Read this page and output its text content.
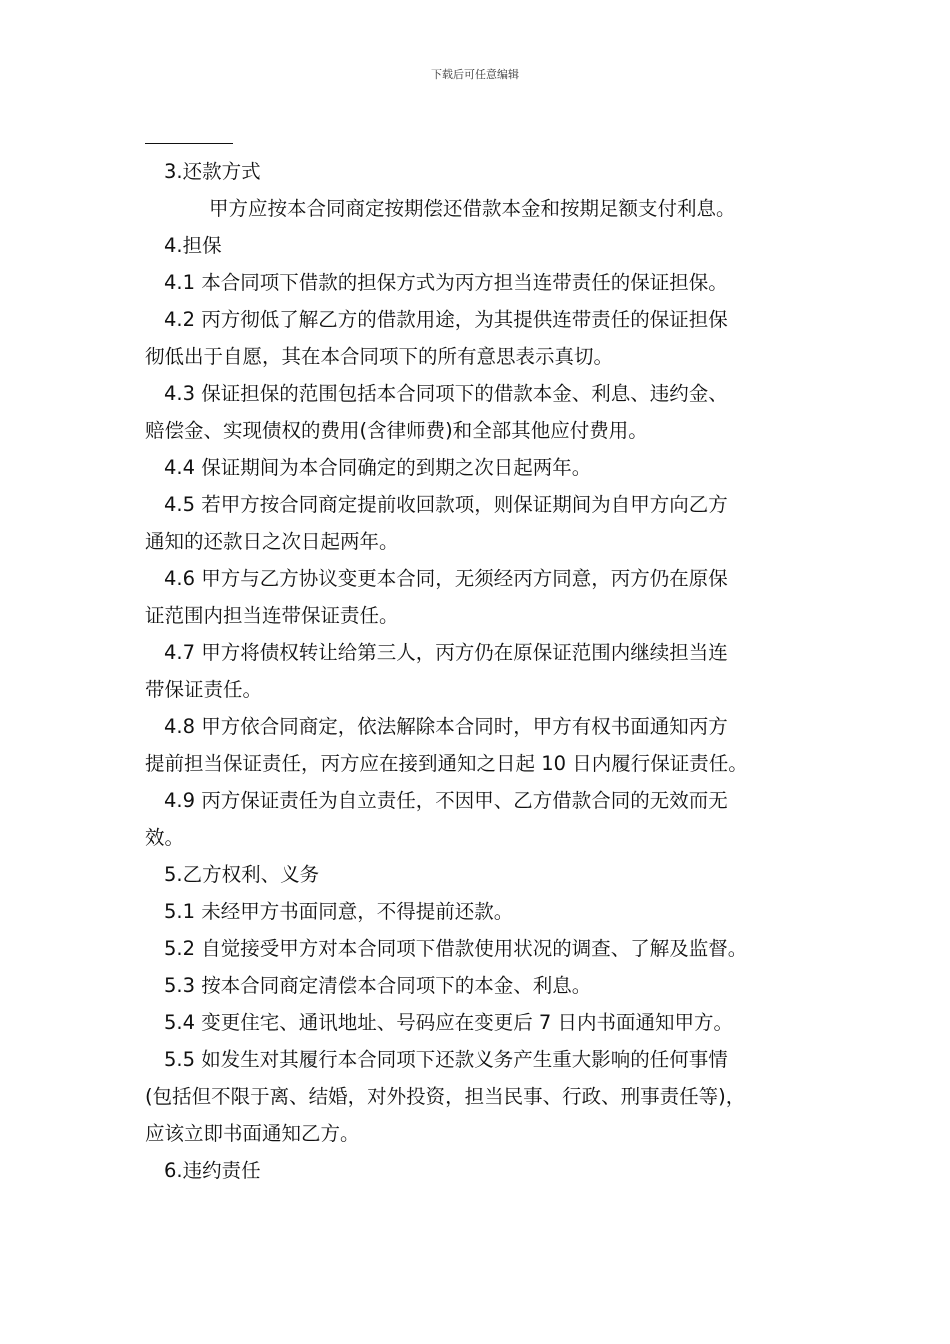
下载后可任意编辑

3.还款方式

甲方应按本合同商定按期偿还借款本金和按期足额支付利息。

4.担保

4.1 本合同项下借款的担保方式为丙方担当连带责任的保证担保。

4.2 丙方彻低了解乙方的借款用途，为其提供连带责任的保证担保

彻低出于自愿，其在本合同项下的所有意思表示真切。

4.3 保证担保的范围包括本合同项下的借款本金、利息、违约金、

赔偿金、实现债权的费用(含律师费)和全部其他应付费用。

4.4 保证期间为本合同确定的到期之次日起两年。

4.5 若甲方按合同商定提前收回款项，则保证期间为自甲方向乙方

通知的还款日之次日起两年。

4.6 甲方与乙方协议变更本合同，无须经丙方同意，丙方仍在原保

证范围内担当连带保证责任。

4.7 甲方将债权转让给第三人，丙方仍在原保证范围内继续担当连

带保证责任。

4.8 甲方依合同商定，依法解除本合同时，甲方有权书面通知丙方

提前担当保证责任，丙方应在接到通知之日起 10 日内履行保证责任。

4.9 丙方保证责任为自立责任，不因甲、乙方借款合同的无效而无

效。

5.乙方权利、义务

5.1 未经甲方书面同意，不得提前还款。

5.2 自觉接受甲方对本合同项下借款使用状况的调查、了解及监督。

5.3 按本合同商定清偿本合同项下的本金、利息。

5.4 变更住宅、通讯地址、号码应在变更后 7 日内书面通知甲方。

5.5 如发生对其履行本合同项下还款义务产生重大影响的任何事情

(包括但不限于离、结婚，对外投资，担当民事、行政、刑事责任等)，

应该立即书面通知乙方。

6.违约责任
